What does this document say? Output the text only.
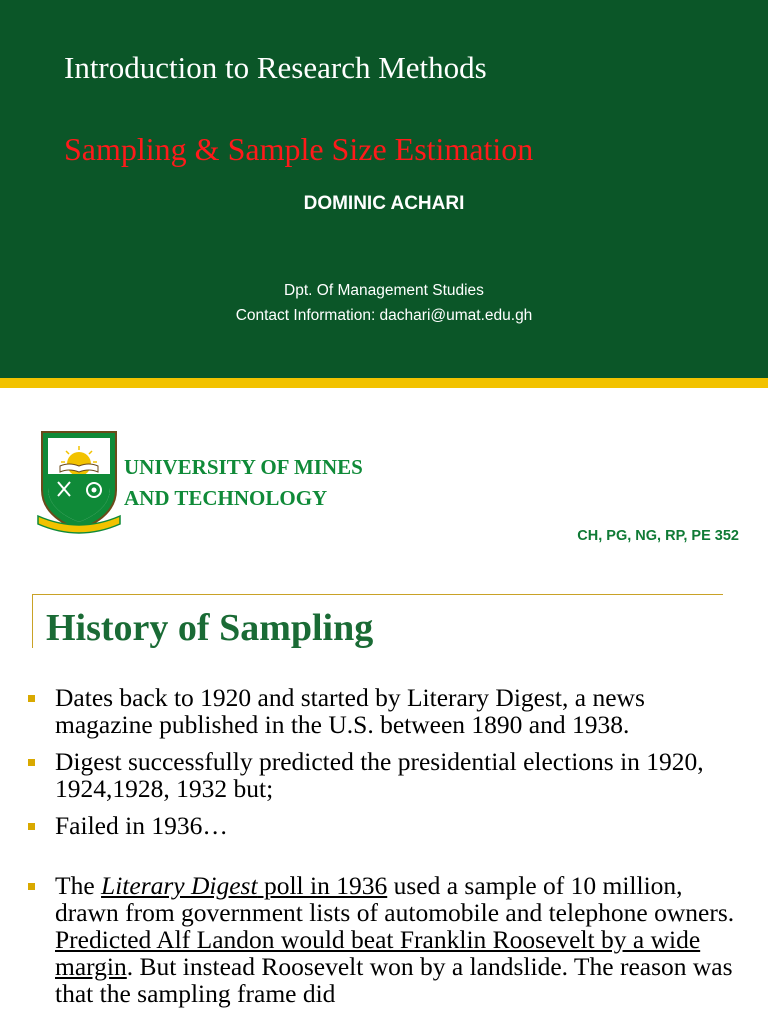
Introduction to Research Methods
Sampling & Sample Size Estimation
DOMINIC ACHARI
Dpt. Of Management Studies
Contact Information: dachari@umat.edu.gh
UNIVERSITY OF MINES
AND TECHNOLOGY
CH, PG, NG, RP, PE 352
History of Sampling
Dates back to 1920 and started by Literary Digest, a news magazine published in the U.S. between 1890 and 1938.
Digest successfully predicted the presidential elections in 1920, 1924,1928, 1932 but;
Failed in 1936…
The Literary Digest poll in 1936 used a sample of 10 million, drawn from government lists of automobile and telephone owners. Predicted Alf Landon would beat Franklin Roosevelt by a wide margin. But instead Roosevelt won by a landslide. The reason was that the sampling frame did
